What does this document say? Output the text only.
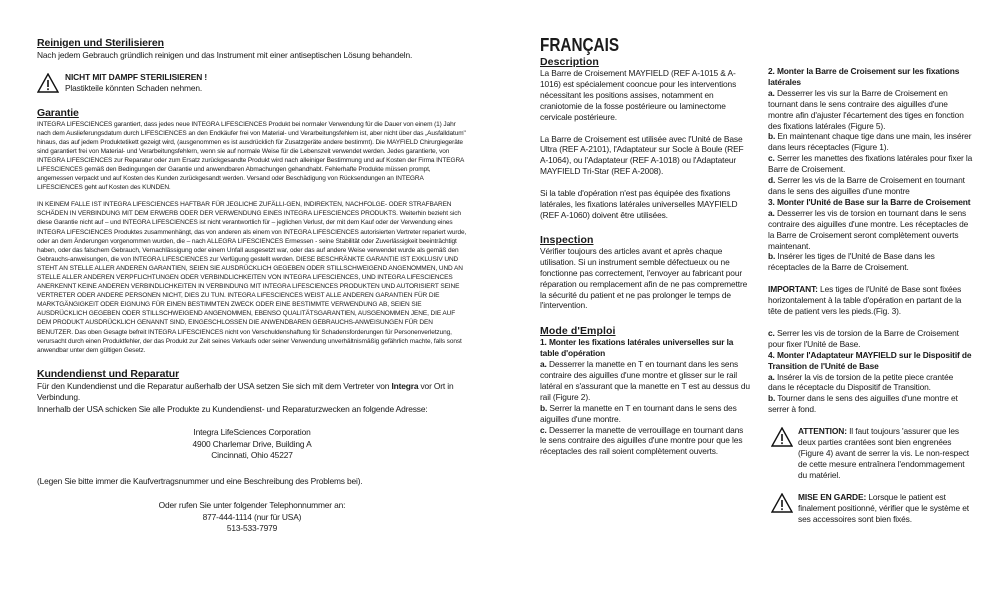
Reinigen und Sterilisieren

Nach jedem Gebrauch gründlich reinigen und das Instrument mit einer antiseptischen Lösung behandeln.

NICHT MIT DAMPF STERILISIEREN !
Plastikteile könnten Schaden nehmen.
Garantie

INTEGRA LIFESCIENCES garantiert, dass jedes neue INTEGRA LIFESCIENCES Produkt bei normaler Verwendung für die Dauer von einem (1) Jahr nach dem Auslieferungsdatum durch LIFESCIENCES an den Endkäufer frei von Material- und Verarbeitungsfehlern ist, aber nicht über das „Ausfalldatum" hinaus, das auf jedem Produktetikett gezeigt wird, (ausgenommen es ist ausdrücklich für Zusatzgeräte andere bestimmt). Die MAYFIELD Chirurgiegeräte sind garantiert frei von Material- und Verarbeitungsfehlern, wenn sie auf normale Weise für die Lebenszeit verwendet werden. Jedes garantierte, von INTEGRA LIFESCIENCES zur Reparatur oder zum Ersatz zurückgesandte Produkt wird nach alleiniger Bestimmung und auf Kosten der Firma INTEGRA LIFESCIENCES gemäß den Bedingungen der Garantie und anwendbaren Abmachungen gehandhabt. Fehlerhafte Produkte müssen prompt, angemessen verpackt und auf Kosten des Kunden zurückgesandt werden. Versand oder Beschädigung von Rücksendungen an INTEGRA LIFESCIENCES geht auf Kosten des KUNDEN.

IN KEINEM FALLE IST INTEGRA LIFESCIENCES HAFTBAR FÜR JEGLICHE ZUFÄLLI-GEN, INDIREKTEN, NACHFOLGE- ODER STRAFBAREN SCHÄDEN IN VERBINDUNG MIT DEM ERWERB ODER DER VERWENDUNG EINES INTEGRA LIFESCIENCES PRODUKTS. Weiterhin bezieht sich diese Garantie nicht auf – und INTEGRA LIFESCIENCES ist nicht verantwortlich für – jeglichen Verlust, der mit dem Kauf oder der Verwendung eines INTEGRA LIFESCIENCES Produktes zusammenhängt, das von anderen als einem von INTEGRA LIFESCIENCES autorisierten Vertreter repariert wurde, oder an dem Änderungen vorgenommen wurden, die – nach ALLEGRA LIFESCIENCES Ermessen - seine Stabilität oder Zuverlässigkeit beeinträchtigt haben, oder das falschem Gebrauch, Vernachlässigung oder einem Unfall ausgesetzt war, oder das auf andere Weise verwendet wurde als gemäß den Gebrauchs-anweisungen, die von INTEGRA LIFESCIENCES zur Verfügung gestellt werden. DIESE BESCHRÄNKTE GARANTIE IST EXKLUSIV UND STEHT AN STELLE ALLER ANDEREN GARANTIEN, SEIEN SIE AUSDRÜCKLICH GEGEBEN ODER STILLSCHWEIGEND ANGENOMMEN, UND AN STELLE ALLER ANDEREN VERPFLICHTUNGEN ODER VERBINDLICHKEITEN VON INTEGRA LIFESCIENCES, UND INTEGRA LIFESCIENCES ANERKENNT KEINE ANDEREN VERBINDLICHKEITEN IN VERBINDUNG MIT INTEGRA LIFESCIENCES PRODUKTEN UND AUTORISIERT SEINE VERTRETER ODER ANDERE PERSONEN NICHT, DIES ZU TUN. INTEGRA LIFESCIENCES WEIST ALLE ANDEREN GARANTIEN FÜR DIE MARKTGÄNGIGKEIT ODER EIGNUNG FÜR EINEN BESTIMMTEN ZWECK ODER EINE BESTIMMTE VERWENDUNG AB, SEIEN SIE AUSDRÜCKLICH GEGEBEN ODER STILLSCHWEIGEND ANGENOMMEN, EBENSO QUALITÄTSGARANTIEN, AUSGENOMMEN JENE, DIE AUF DEM PRODUKT AUSDRÜCKLICH GENANNT SIND, EINGESCHLOSSEN DIE ANWENDBAREN GEBRAUCHS-ANWEISUNGEN FÜR DEN BENUTZER. Das oben Gesagte befreit INTEGRA LIFESCIENCES nicht von Verschuldenshaftung für Schadensforderungen für Personenverletzung, verursacht durch einen Produktfehler, der das Produkt zur Zeit seines Verkaufs oder seiner Verwendung unverhältnismäßig gefährlich machte, falls sonst anwendbar unter dem gültigen Gesetz.

Kundendienst und Reparatur

Für den Kundendienst und die Reparatur außerhalb der USA setzen Sie sich mit dem Vertreter von Integra vor Ort in Verbindung.

Innerhalb der USA schicken Sie alle Produkte zu Kundendienst- und Reparaturzwecken an folgende Adresse:

Integra LifeSciences Corporation
4900 Charlemar Drive, Building A
Cincinnati, Ohio 45227

(Legen Sie bitte immer die Kaufvertragsnummer und eine Beschreibung des Problems bei).

Oder rufen Sie unter folgender Telephonnummer an:
877-444-1114 (nur für USA)
513-533-7979
FRANÇAIS
Description

La Barre de Croisement MAYFIELD (REF A-1015 & A-1016) est spécialement cooncue pour les interventions nécessitant les positions assises, notamment en craniotomie de la fosse postérieure ou laminectome cervicale postérieure.

La Barre de Croisement est utilisée avec l'Unité de Base Ultra (REF A-2101), l'Adaptateur sur Socle à Boule (REF A-1064), ou l'Adaptateur (REF A-1018) ou l'Adaptateur MAYFIELD Tri-Star (REF A-2008).

Si la table d'opération n'est pas équipée des fixations latérales, les fixations latérales universelles MAYFIELD (REF A-1060) doivent être utilisées.

Inspection

Vérifier toujours des articles avant et après chaque utilisation. Si un instrument semble défectueux ou ne fonctionne pas correctement, l'envoyer au fabricant pour réparation ou remplacement afin de ne pas compremettre la sécurité du patient et ne pas prolonger le temps de l'intervention.

Mode d'Emploi

1. Monter les fixations latérales universelles sur la table d'opération

a. Desserrer la manette en T en tournant dans les sens contraire des aiguilles d'une montre et glisser sur le rail latéral en s'assurant que la manette en T est au dessus du rail (Figure 2).

b. Serrer la manette en T en tournant dans le sens des aiguilles d'une montre.

c. Desserrer la manette de verrouillage en tournant dans le sens contraire des aiguilles d'une montre pour que les réceptacles des rail soient complètement ouverts.

2. Monter la Barre de Croisement sur les fixations latérales

a. Desserrer les vis sur la Barre de Croisement en tournant dans le sens contraire des aiguilles d'une montre afin d'ajuster l'écartement des tiges en fonction des fixations latérales (Figure 5).

b. En maintenant chaque tige dans une main, les insérer dans leurs réceptacles (Figure 1).

c. Serrer les manettes des fixations latérales pour fixer la Barre de Croisement.

d. Serrer les vis de la Barre de Croisement en tournant dans le sens des aiguilles d'une montre

3. Monter l'Unité de Base sur la Barre de Croisement

a. Desserrer les vis de torsion en tournant dans le sens contraire des aiguilles d'une montre. Les réceptacles de la Barre de Croisement seront complètement ouverts maintenant.

b. Insérer les tiges de l'Unité de Base dans les réceptacles de la Barre de Croisement.

IMPORTANT: Les tiges de l'Unité de Base sont fixées horizontalement à la table d'opération en partant de la tête de patient vers les pieds.(Fig. 3).

c. Serrer les vis de torsion de la Barre de Croisement pour fixer l'Unité de Base.

4. Monter l'Adaptateur MAYFIELD sur le Dispositif de Transition de l'Unité de Base

a. Insérer la vis de torsion de la petite piece crantée dans le réceptacle du Dispositif de Transition.

b. Tourner dans le sens des aiguilles d'une montre et serrer à fond.

ATTENTION: Il faut toujours 'assurer que les deux parties crantées sont bien engrenées (Figure 4) avant de serrer la vis. Le non-respect de cette mesure entraînera l'endommagement du matériel.
MISE EN GARDE: Lorsque le patient est finalement positionné, vérifier que le système et ses accessoires sont bien fixés.
